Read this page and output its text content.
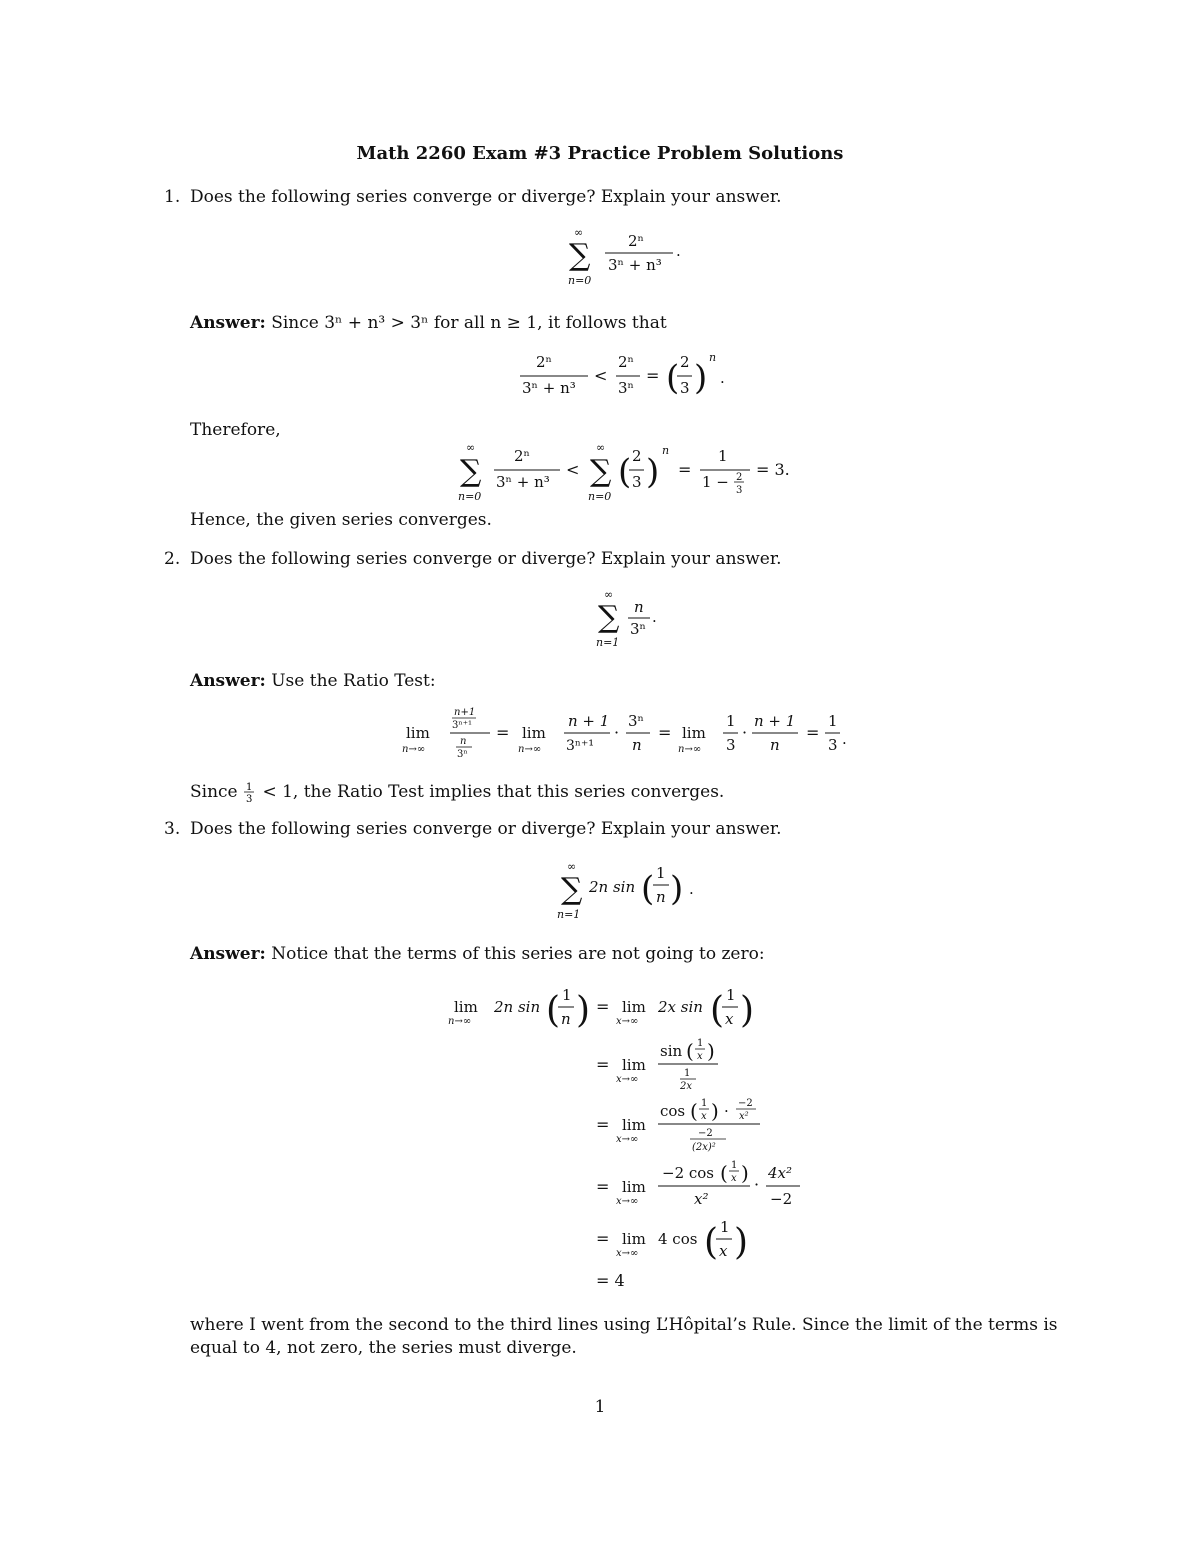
Math 2260 Exam #3 Practice Problem Solutions
1. Does the following series converge or diverge? Explain your answer.
∞
∑
n=0
2ⁿ
3ⁿ + n³
.
Answer: Since 3ⁿ + n³ > 3ⁿ for all n ≥ 1, it follows that
2ⁿ
3ⁿ + n³
<
2ⁿ
3ⁿ
= ( 2
3 )
n
.
Therefore,
∞
∑
n=0
2ⁿ
3ⁿ + n³
<
∞
∑
n=0
( 2
3 )
n
=
1
1 − 2
3
= 3.
Hence, the given series converges.
2. Does the following series converge or diverge? Explain your answer.
∞
∑
n=1
n
3ⁿ
.
Answer: Use the Ratio Test:
lim
n→∞
n+1
3ⁿ⁺¹
n
3ⁿ
= lim
n→∞
n + 1
3ⁿ⁺¹
·
3ⁿ
n
= lim
n→∞
1
3
·
n + 1
n
=
1
3 .
Since 1
3 < 1, the Ratio Test implies that this series converges.
3. Does the following series converge or diverge? Explain your answer.
∞
∑
n=1
2n sin ( 1
n ) .
Answer: Notice that the terms of this series are not going to zero:
lim
n→∞
2n sin ( 1
n ) = lim
x→∞
2x sin ( 1
x )
= lim
x→∞
sin ( 1
x )
1
2x
= lim
x→∞
cos ( 1
x ) · −2
x²
−2
(2x)²
= lim
x→∞
−2 cos ( 1
x )
x²
·
4x²
−2
= lim
x→∞
4 cos ( 1
x )
= 4
where I went from the second to the third lines using L’Hôpital’s Rule. Since the limit of the terms is equal to 4, not zero, the series must diverge.
1
